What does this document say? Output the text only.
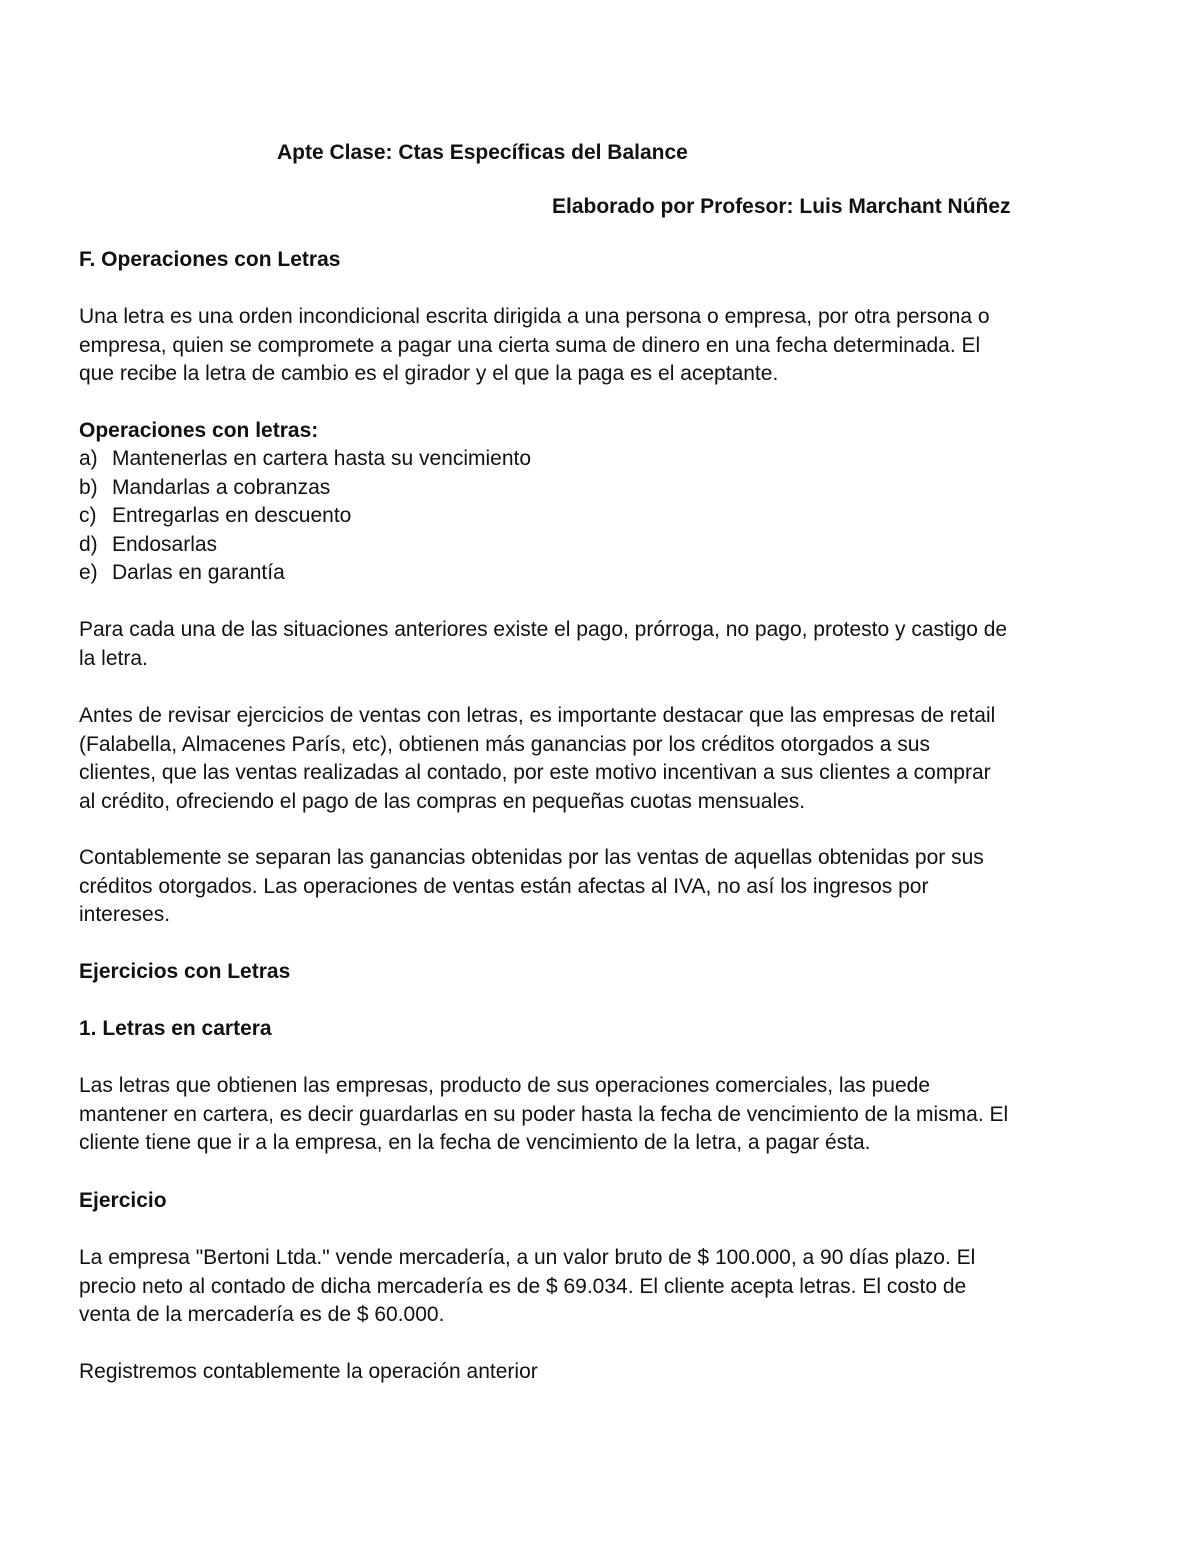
Apte Clase: Ctas Específicas del Balance

Elaborado por Profesor: Luis Marchant Núñez

F. Operaciones con Letras

Una letra es una orden incondicional escrita dirigida a una persona o empresa, por otra persona o
empresa, quien se compromete a pagar una cierta suma de dinero en una fecha determinada. El
que recibe la letra de cambio es el girador y el que la paga es el aceptante.

Operaciones con letras:

a) Mantenerlas en cartera hasta su vencimiento
b) Mandarlas a cobranzas
c) Entregarlas en descuento
d) Endosarlas
e) Darlas en garantía
Para cada una de las situaciones anteriores existe el pago, prórroga, no pago, protesto y castigo de
la letra.
Antes de revisar ejercicios de ventas con letras, es importante destacar que las empresas de retail
(Falabella, Almacenes París, etc), obtienen más ganancias por los créditos otorgados a sus
clientes, que las ventas realizadas al contado, por este motivo incentivan a sus clientes a comprar
al crédito, ofreciendo el pago de las compras en pequeñas cuotas mensuales.
Contablemente se separan las ganancias obtenidas por las ventas de aquellas obtenidas por sus
créditos otorgados. Las operaciones de ventas están afectas al IVA, no así los ingresos por
intereses.

Ejercicios con Letras

1. Letras en cartera

Las letras que obtienen las empresas, producto de sus operaciones comerciales, las puede
mantener en cartera, es decir guardarlas en su poder hasta la fecha de vencimiento de la misma. El
cliente tiene que ir a la empresa, en la fecha de vencimiento de la letra, a pagar ésta.

Ejercicio

La empresa "Bertoni Ltda." vende mercadería, a un valor bruto de $ 100.000, a 90 días plazo. El
precio neto al contado de dicha mercadería es de $ 69.034. El cliente acepta letras. El costo de
venta de la mercadería es de $ 60.000.

Registremos contablemente la operación anterior
